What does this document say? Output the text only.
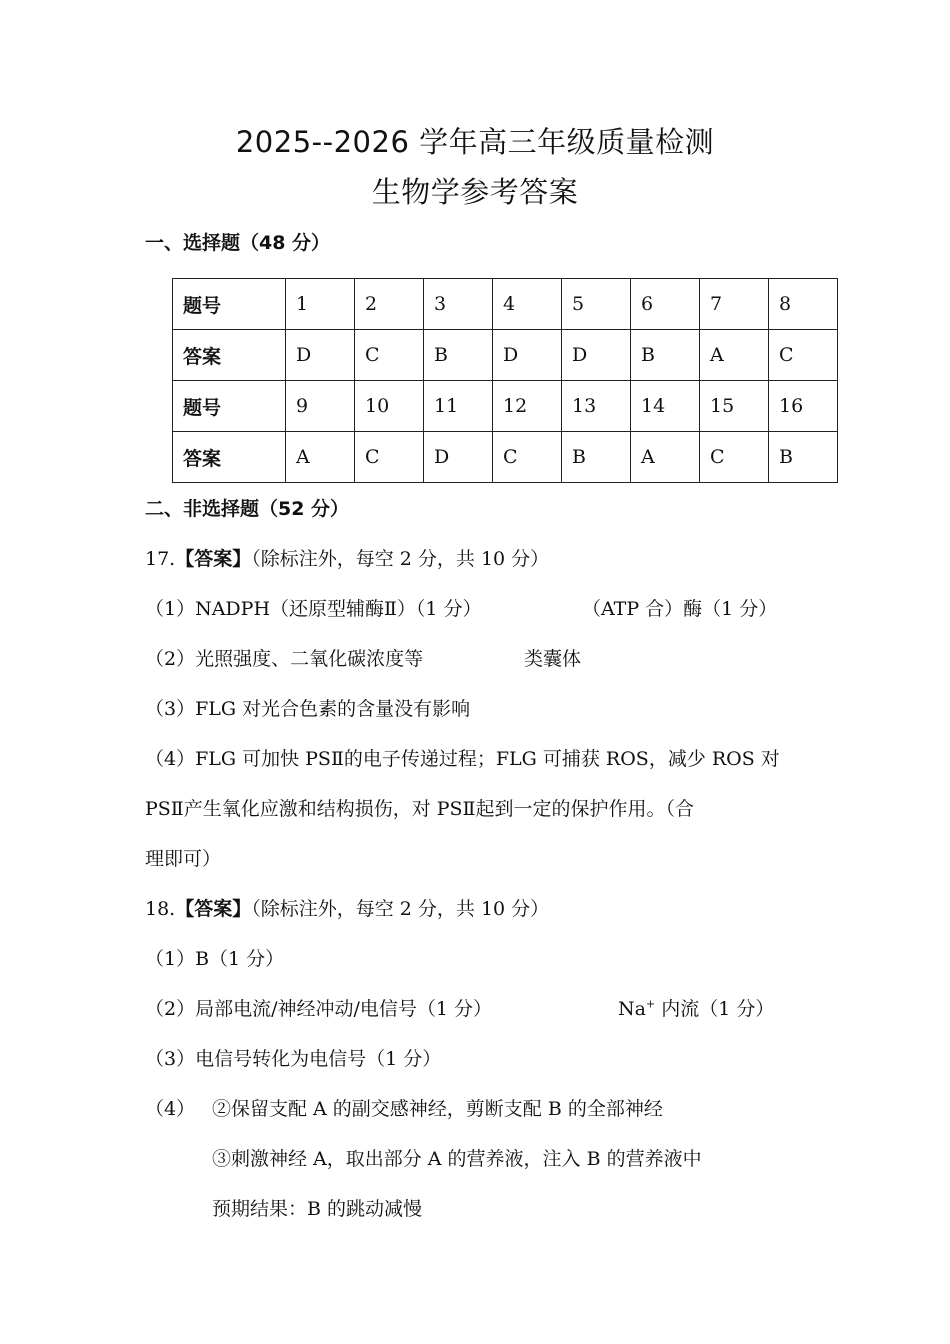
2025--2026 学年高三年级质量检测
生物学参考答案
一、选择题（48 分）
题号	1	2	3	4	5	6	7	8
答案	D	C	B	D	D	B	A	C
题号	9	10	11	12	13	14	15	16
答案	A	C	D	C	B	A	C	B
二、非选择题（52 分）
17.【答案】（除标注外，每空 2 分，共 10 分）
（1）NADPH（还原型辅酶Ⅱ）（1 分）	（ATP 合）酶（1 分）
（2）光照强度、二氧化碳浓度等	类囊体
（3）FLG 对光合色素的含量没有影响
（4）FLG 可加快 PSⅡ的电子传递过程；FLG 可捕获 ROS，减少 ROS 对
PSⅡ产生氧化应激和结构损伤，对 PSⅡ起到一定的保护作用。（合
理即可）
18.【答案】（除标注外，每空 2 分，共 10 分）
（1）B（1 分）
（2）局部电流/神经冲动/电信号（1 分）	Na+ 内流（1 分）
（3）电信号转化为电信号（1 分）
（4） ②保留支配 A 的副交感神经，剪断支配 B 的全部神经
③刺激神经 A，取出部分 A 的营养液，注入 B 的营养液中
预期结果：B 的跳动减慢
